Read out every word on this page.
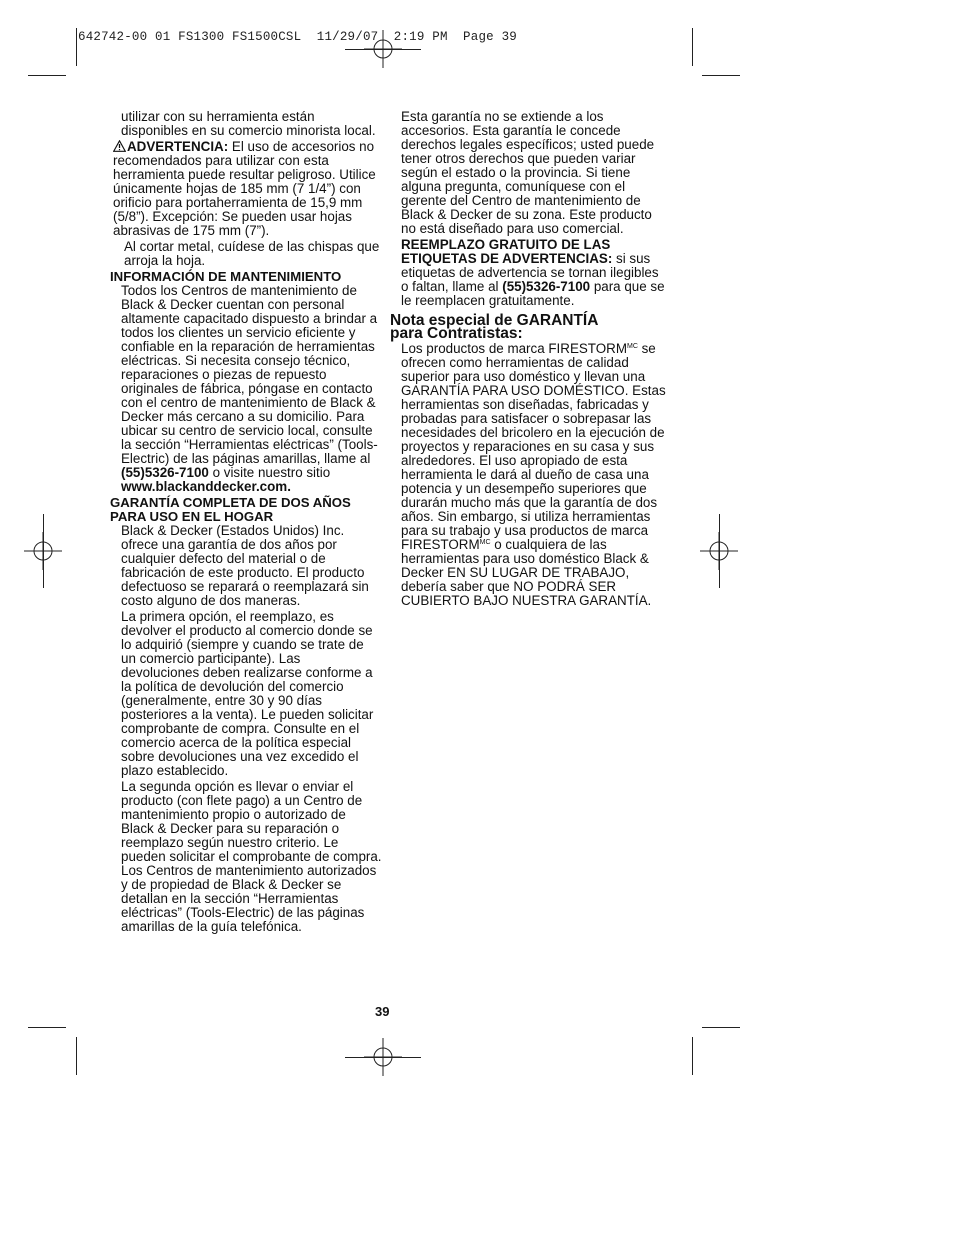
642742-00 01 FS1300 FS1500CSL  11/29/07  2:19 PM  Page 39

utilizar con su herramienta están disponibles en su comercio minorista local.

ADVERTENCIA: El uso de accesorios no recomendados para utilizar con esta herramienta puede resultar peligroso. Utilice únicamente hojas de 185 mm (7 1/4”) con orificio para portaherramienta de 15,9 mm (5/8”). Excepción: Se pueden usar hojas abrasivas de 175 mm (7”).

Al cortar metal, cuídese de las chispas que arroja la hoja.

INFORMACIÓN DE MANTENIMIENTO

Todos los Centros de mantenimiento de Black & Decker cuentan con personal altamente capacitado dispuesto a brindar a todos los clientes un servicio eficiente y confiable en la reparación de herramientas eléctricas. Si necesita consejo técnico, reparaciones o piezas de repuesto originales de fábrica, póngase en contacto con el centro de mantenimiento de Black & Decker más cercano a su domicilio. Para ubicar su centro de servicio local, consulte la sección “Herramientas eléctricas” (Tools-Electric) de las páginas amarillas, llame al (55)5326-7100 o visite nuestro sitio www.blackanddecker.com.

GARANTÍA COMPLETA DE DOS AÑOS
PARA USO EN EL HOGAR

Black & Decker (Estados Unidos) Inc. ofrece una garantía de dos años por cualquier defecto del material o de fabricación de este producto. El producto defectuoso se reparará o reemplazará sin costo alguno de dos maneras.

La primera opción, el reemplazo, es devolver el producto al comercio donde se lo adquirió (siempre y cuando se trate de un comercio participante). Las devoluciones deben realizarse conforme a la política de devolución del comercio (generalmente, entre 30 y 90 días posteriores a la venta). Le pueden solicitar comprobante de compra. Consulte en el comercio acerca de la política especial sobre devoluciones una vez excedido el plazo establecido.

La segunda opción es llevar o enviar el producto (con flete pago) a un Centro de mantenimiento propio o autorizado de Black & Decker para su reparación o reemplazo según nuestro criterio. Le pueden solicitar el comprobante de compra. Los Centros de mantenimiento autorizados y de propiedad de Black & Decker se detallan en la sección “Herramientas eléctricas” (Tools-Electric) de las páginas amarillas de la guía telefónica.

Esta garantía no se extiende a los accesorios. Esta garantía le concede derechos legales específicos; usted puede tener otros derechos que pueden variar según el estado o la provincia. Si tiene alguna pregunta, comuníquese con el gerente del Centro de mantenimiento de Black & Decker de su zona. Este producto no está diseñado para uso comercial.

REEMPLAZO GRATUITO DE LAS ETIQUETAS DE ADVERTENCIAS: si sus etiquetas de advertencia se tornan ilegibles o faltan, llame al (55)5326-7100 para que se le reemplacen gratuitamente.

Nota especial de GARANTÍA
para Contratistas:

Los productos de marca $FIRESTORM^{MC}$ se ofrecen como herramientas de calidad superior para uso doméstico y llevan una GARANTÍA PARA USO DOMÉSTICO. Estas herramientas son diseñadas, fabricadas y probadas para satisfacer o sobrepasar las necesidades del bricolero en la ejecución de proyectos y reparaciones en su casa y sus alrededores. El uso apropiado de esta herramienta le dará al dueño de casa una potencia y un desempeño superiores que durarán mucho más que la garantía de dos años. Sin embargo, si utiliza herramientas para su trabajo y usa productos de marca $FIRESTORM^{MC}$ o cualquiera de las herramientas para uso doméstico Black & Decker EN SU LUGAR DE TRABAJO, debería saber que NO PODRÁ SER CUBIERTO BAJO NUESTRA GARANTÍA.

39
